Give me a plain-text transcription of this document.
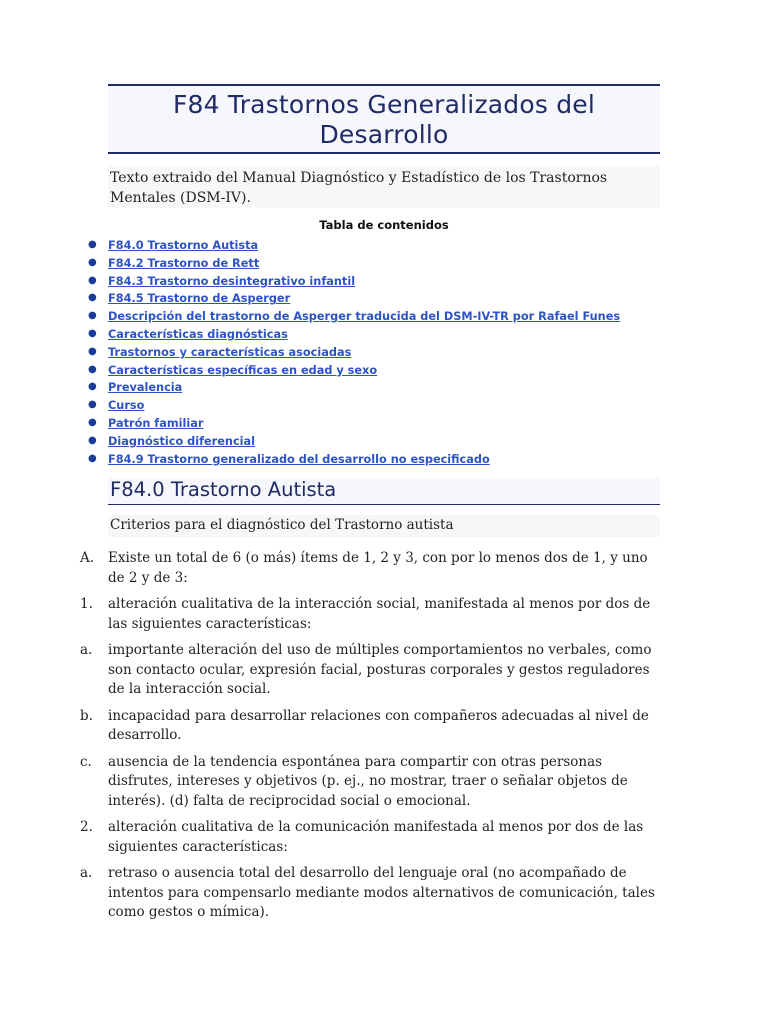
F84 Trastornos Generalizados del Desarrollo

Texto extraido del Manual Diagnóstico y Estadístico de los Trastornos Mentales (DSM-IV).

Tabla de contenidos
● F84.0 Trastorno Autista
● F84.2 Trastorno de Rett
● F84.3 Trastorno desintegrativo infantil
● F84.5 Trastorno de Asperger
● Descripción del trastorno de Asperger traducida del DSM-IV-TR por Rafael Funes
● Características diagnósticas
● Trastornos y características asociadas
● Características específicas en edad y sexo
● Prevalencia
● Curso
● Patrón familiar
● Diagnóstico diferencial
● F84.9 Trastorno generalizado del desarrollo no especificado
F84.0 Trastorno Autista

Criterios para el diagnóstico del Trastorno autista

A.	Existe un total de 6 (o más) ítems de 1, 2 y 3, con por lo menos dos de 1, y uno de 2 y de 3:

1.	alteración cualitativa de la interacción social, manifestada al menos por dos de las siguientes características:

a.	importante alteración del uso de múltiples comportamientos no verbales, como son contacto ocular, expresión facial, posturas corporales y gestos reguladores de la interacción social.

b.	incapacidad para desarrollar relaciones con compañeros adecuadas al nivel de desarrollo.

c.	ausencia de la tendencia espontánea para compartir con otras personas disfrutes, intereses y objetivos (p. ej., no mostrar, traer o señalar objetos de interés). (d) falta de reciprocidad social o emocional.

2.	alteración cualitativa de la comunicación manifestada al menos por dos de las siguientes características:

a.	retraso o ausencia total del desarrollo del lenguaje oral (no acompañado de intentos para compensarlo mediante modos alternativos de comunicación, tales como gestos o mímica).
